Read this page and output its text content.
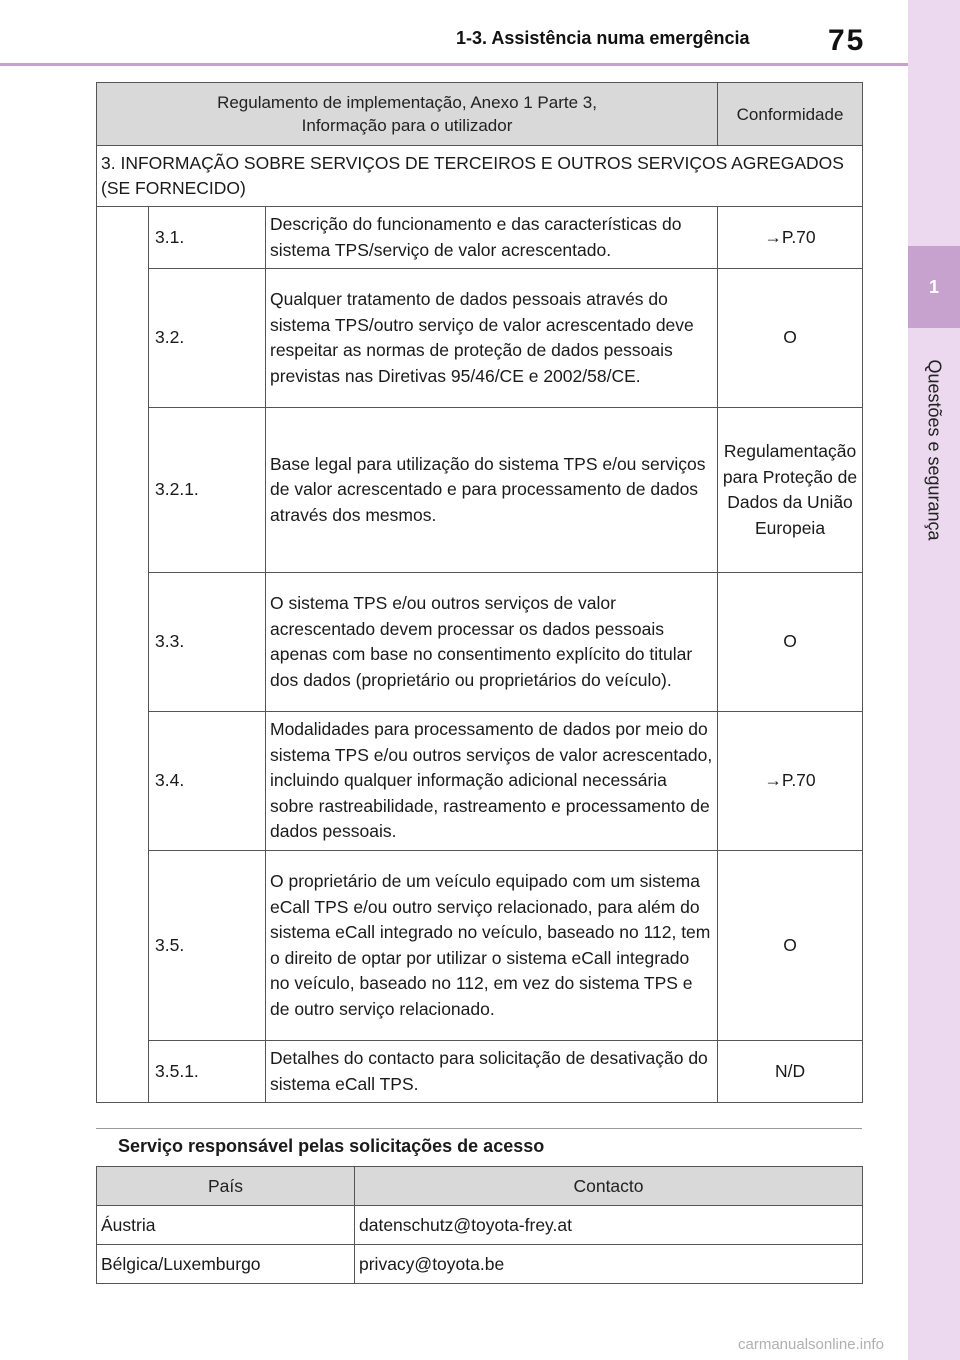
1-3. Assistência numa emergência	75
1
Questões e segurança
Regulamento de implementação, Anexo 1 Parte 3,
Informação para o utilizador			Conformidade
3. INFORMAÇÃO SOBRE SERVIÇOS DE TERCEIROS E OUTROS SERVIÇOS AGREGADOS (SE FORNECIDO)			
	3.1.	Descrição do funcionamento e das características do sistema TPS/serviço de valor acrescentado.	→P.70
	3.2.	Qualquer tratamento de dados pessoais através do sistema TPS/outro serviço de valor acrescentado deve respeitar as normas de proteção de dados pessoais previstas nas Diretivas 95/46/CE e 2002/58/CE.	O
	3.2.1.	Base legal para utilização do sistema TPS e/ou serviços de valor acrescentado e para processamento de dados através dos mesmos.	Regulamentação para Proteção de Dados da União Europeia
	3.3.	O sistema TPS e/ou outros serviços de valor acrescentado devem processar os dados pessoais apenas com base no consentimento explícito do titular dos dados (proprietário ou proprietários do veículo).	O
	3.4.	Modalidades para processamento de dados por meio do sistema TPS e/ou outros serviços de valor acrescentado, incluindo qualquer informação adicional necessária sobre rastreabilidade, rastreamento e processamento de dados pessoais.	→P.70
	3.5.	O proprietário de um veículo equipado com um sistema eCall TPS e/ou outro serviço relacionado, para além do sistema eCall integrado no veículo, baseado no 112, tem o direito de optar por utilizar o sistema eCall integrado no veículo, baseado no 112, em vez do sistema TPS e de outro serviço relacionado.	O
	3.5.1.	Detalhes do contacto para solicitação de desativação do sistema eCall TPS.	N/D
Serviço responsável pelas solicitações de acesso
País	Contacto
Áustria	datenschutz@toyota-frey.at
Bélgica/Luxemburgo	privacy@toyota.be
carmanualsonline.info
